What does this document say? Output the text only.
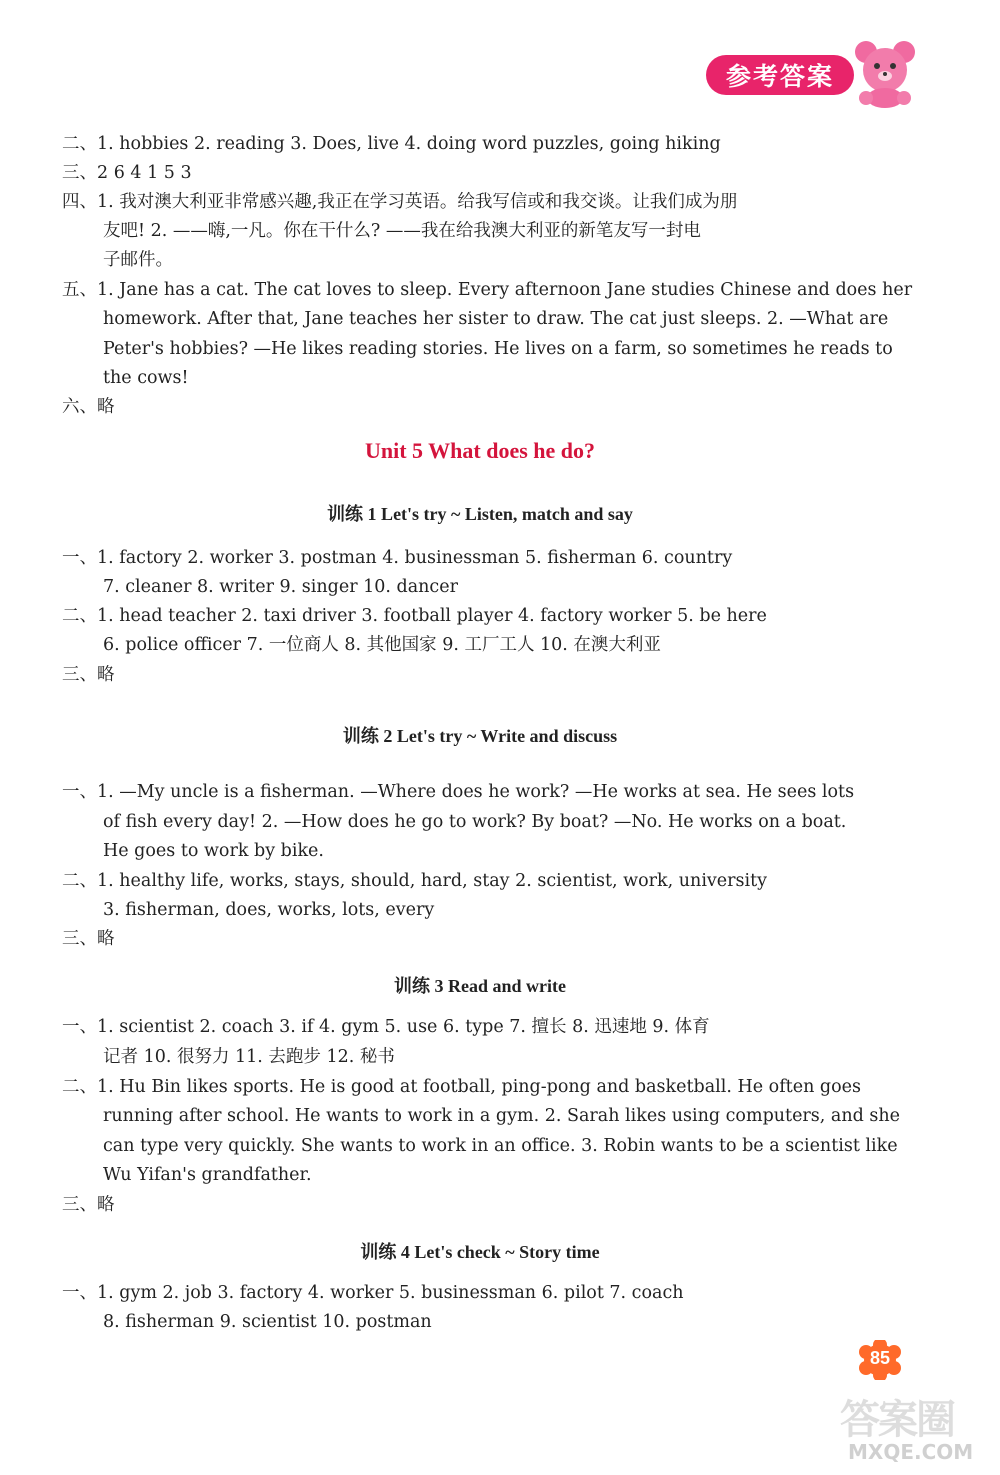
参考答案
二、1. hobbies 2. reading 3. Does, live 4. doing word puzzles, going hiking
三、2 6 4 1 5 3
四、1. 我对澳大利亚非常感兴趣,我正在学习英语。给我写信或和我交谈。让我们成为朋
友吧! 2. ——嗨,一凡。你在干什么? ——我在给我澳大利亚的新笔友写一封电
子邮件。
五、1. Jane has a cat. The cat loves to sleep. Every afternoon Jane studies Chinese and does her
homework. After that, Jane teaches her sister to draw. The cat just sleeps. 2. —What are
Peter's hobbies? —He likes reading stories. He lives on a farm, so sometimes he reads to
the cows!
六、略
Unit 5 What does he do?
训练 1 Let's try ~ Listen, match and say
一、1. factory 2. worker 3. postman 4. businessman 5. fisherman 6. country
7. cleaner 8. writer 9. singer 10. dancer
二、1. head teacher 2. taxi driver 3. football player 4. factory worker 5. be here
6. police officer 7. 一位商人 8. 其他国家 9. 工厂工人 10. 在澳大利亚
三、略
训练 2 Let's try ~ Write and discuss
一、1. —My uncle is a fisherman. —Where does he work? —He works at sea. He sees lots
of fish every day! 2. —How does he go to work? By boat? —No. He works on a boat.
He goes to work by bike.
二、1. healthy life, works, stays, should, hard, stay 2. scientist, work, university
3. fisherman, does, works, lots, every
三、略
训练 3 Read and write
一、1. scientist 2. coach 3. if 4. gym 5. use 6. type 7. 擅长 8. 迅速地 9. 体育
记者 10. 很努力 11. 去跑步 12. 秘书
二、1. Hu Bin likes sports. He is good at football, ping-pong and basketball. He often goes
running after school. He wants to work in a gym. 2. Sarah likes using computers, and she
can type very quickly. She wants to work in an office. 3. Robin wants to be a scientist like
Wu Yifan's grandfather.
三、略
训练 4 Let's check ~ Story time
一、1. gym 2. job 3. factory 4. worker 5. businessman 6. pilot 7. coach
8. fisherman 9. scientist 10. postman
85
答案圈
MXQE.COM
